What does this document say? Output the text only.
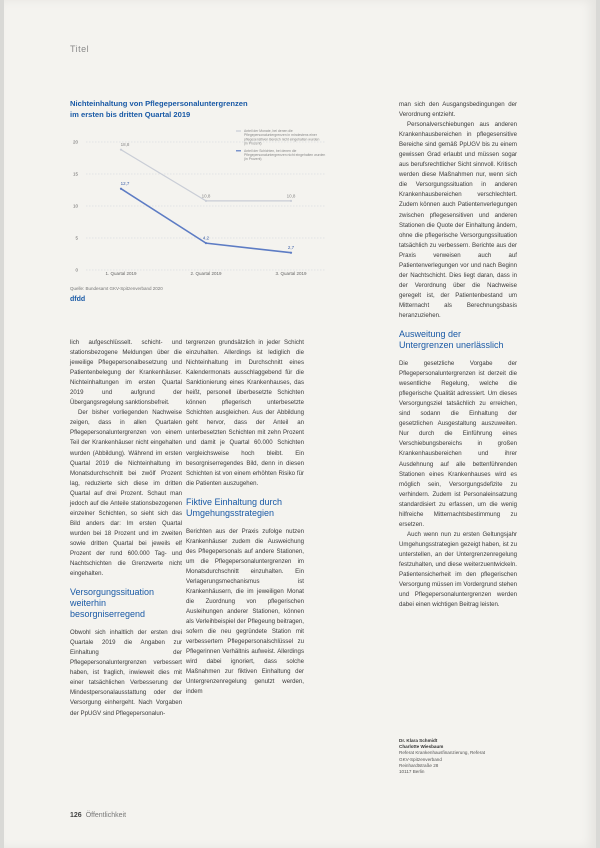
Titel
Nichteinhaltung von Pflegepersonaluntergrenzen im ersten bis dritten Quartal 2019
0
5
10
15
20
1. Quartal 2019	2. Quartal 2019	3. Quartal 2019
18,8
10,8	10,8
12,7
4,2
2,7
Anteil der Monate, bei denen die Pflegepersonaluntergrenzen in mindestens einer pflegesensitiven Bereich nicht eingehalten wurden (in Prozent)
Anteil der Schichten, bei denen die Pflegepersonaluntergrenzen nicht eingehalten wurden (in Prozent)
Quelle: Bundesamt GKV-Spitzenverband 2020
dfdd

lich aufgeschlüsselt. schicht- und stationsbezogene Meldungen über die jeweilige Pflegepersonalbesetzung und Patientenbelegung der Krankenhäuser. Nichteinhaltungen im ersten Quartal 2019 und aufgrund der Übergangsregelung sanktionsbefreit.

Der bisher vorliegenden Nachweise zeigen, dass in allen Quartalen Pflegepersonaluntergrenzen von einem Teil der Krankenhäuser nicht eingehalten wurden (Abbildung). Während im ersten Quartal 2019 die Nichteinhaltung im Monatsdurchschnitt bei zwölf Prozent lag, reduzierte sich diese im dritten Quartal auf drei Prozent. Schaut man jedoch auf die Anteile stationsbezogenen einzelner Schichten, so sieht sich das Bild anders dar: Im ersten Quartal wurden bei 18 Prozent und im zweiten sowie dritten Quartal bei jeweils elf Prozent der rund 600.000 Tag- und Nachtschichten die Grenzwerte nicht eingehalten.

Versorgungssituation weiterhin besorgniserregend

Obwohl sich inhaltlich der ersten drei Quartale 2019 die Angaben zur Einhaltung der Pflegepersonaluntergrenzen verbessert haben, ist fraglich, inwieweit dies mit einer tatsächlichen Verbesserung der Mindestpersonalausstattung oder der Versorgung einhergeht. Nach Vorgaben der PpUGV sind Pflegepersonalun-

tergrenzen grundsätzlich in jeder Schicht einzuhalten. Allerdings ist lediglich die Nichteinhaltung im Durchschnitt eines Kalendermonats ausschlaggebend für die Sanktionierung eines Krankenhauses, das heißt, personell überbesetzte Schichten können pflegerisch unterbesetzte Schichten ausgleichen. Aus der Abbildung geht hervor, dass der Anteil an unterbesetzten Schichten mit zehn Prozent und damit je Quartal 60.000 Schichten vergleichsweise hoch bleibt. Ein besorgniserregendes Bild, denn in diesen Schichten ist von einem erhöhten Risiko für die Patienten auszugehen.

Fiktive Einhaltung durch Umgehungsstrategien

Berichten aus der Praxis zufolge nutzen Krankenhäuser zudem die Ausweichung des Pflegepersonals auf andere Stationen, um die Pflegepersonaluntergrenzen im Monatsdurchschnitt einzuhalten. Ein Verlagerungsmechanismus ist Krankenhäusern, die im jeweiligen Monat die Zuordnung von pflegerischen Ausleihungen anderer Stationen, können als Verleihbeispiel der Pflegeung beitragen, sofern die neu gegründete Station mit verbessertem Pflegepersonalschlüssel zu Pflegerinnen Verhältnis aufweist. Allerdings wird dabei ignoriert, dass solche Maßnahmen zur fiktiven Einhaltung der Untergrenzenregelung genutzt werden, indem

man sich den Ausgangsbedingungen der Verordnung entzieht.

Personalverschiebungen aus anderen Krankenhausbereichen in pflegesensitive Bereiche sind gemäß PpUGV bis zu einem gewissen Grad erlaubt und müssen sogar aus berufsrechtlicher Sicht sinnvoll. Kritisch werden diese Maßnahmen nur, wenn sich die Versorgungssituation in anderen Krankenhausbereichen verschlechtert. Zudem können auch Patientenverlegungen zwischen pflegesensitiven und anderen Stationen die Quote der Einhaltung ändern, ohne die pflegerische Versorgungssituation tatsächlich zu verbessern. Berichte aus der Praxis verweisen auch auf Patientenverlegungen vor und nach Beginn der Nachtschicht. Dies liegt daran, dass in der Verordnung über die Nachweise geregelt ist, der Patientenbestand um Mitternacht als Berechnungsbasis heranzuziehen.

Ausweitung der Untergrenzen unerlässlich

Die gesetzliche Vorgabe der Pflegepersonaluntergrenzen ist derzeit die wesentliche Regelung, welche die pflegerische Qualität adressiert. Um dieses Versorgungsziel tatsächlich zu erreichen, sind sodann die Einhaltung der gesetzlichen Ausgestaltung auszuweiten. Nur durch die Einführung eines Verschiebungsbereichs in großen Krankenhausbereichen und ihrer Ausdehnung auf alle bettenführenden Stationen eines Krankenhauses wird es möglich sein, Versorgungsdefizite zu verhindern. Zudem ist Personaleinsatzung standardisiert zu erfassen, um die wenig hilfreiche Mitternachtsbestimmung zu ersetzen.

Auch wenn nun zu ersten Geltungsjahr Umgehungsstrategien gezeigt haben, ist zu unterstellen, an der Untergrenzenregelung festzuhalten, und diese weiterzuentwickeln. Patientensicherheit im den pflegerischen Versorgung müssen im Vordergrund stehen und Pflegepersonaluntergrenzen werden dabei einen wichtigen Beitrag leisten.

Dr. Klara Schmidt
Charlotte Wiesbaum
Referat Krankenhausfinanzierung, Referat
GKV-Spitzenverband
Reinhardtstraße 28
10117 Berlin
126 Öffentlichkeit
